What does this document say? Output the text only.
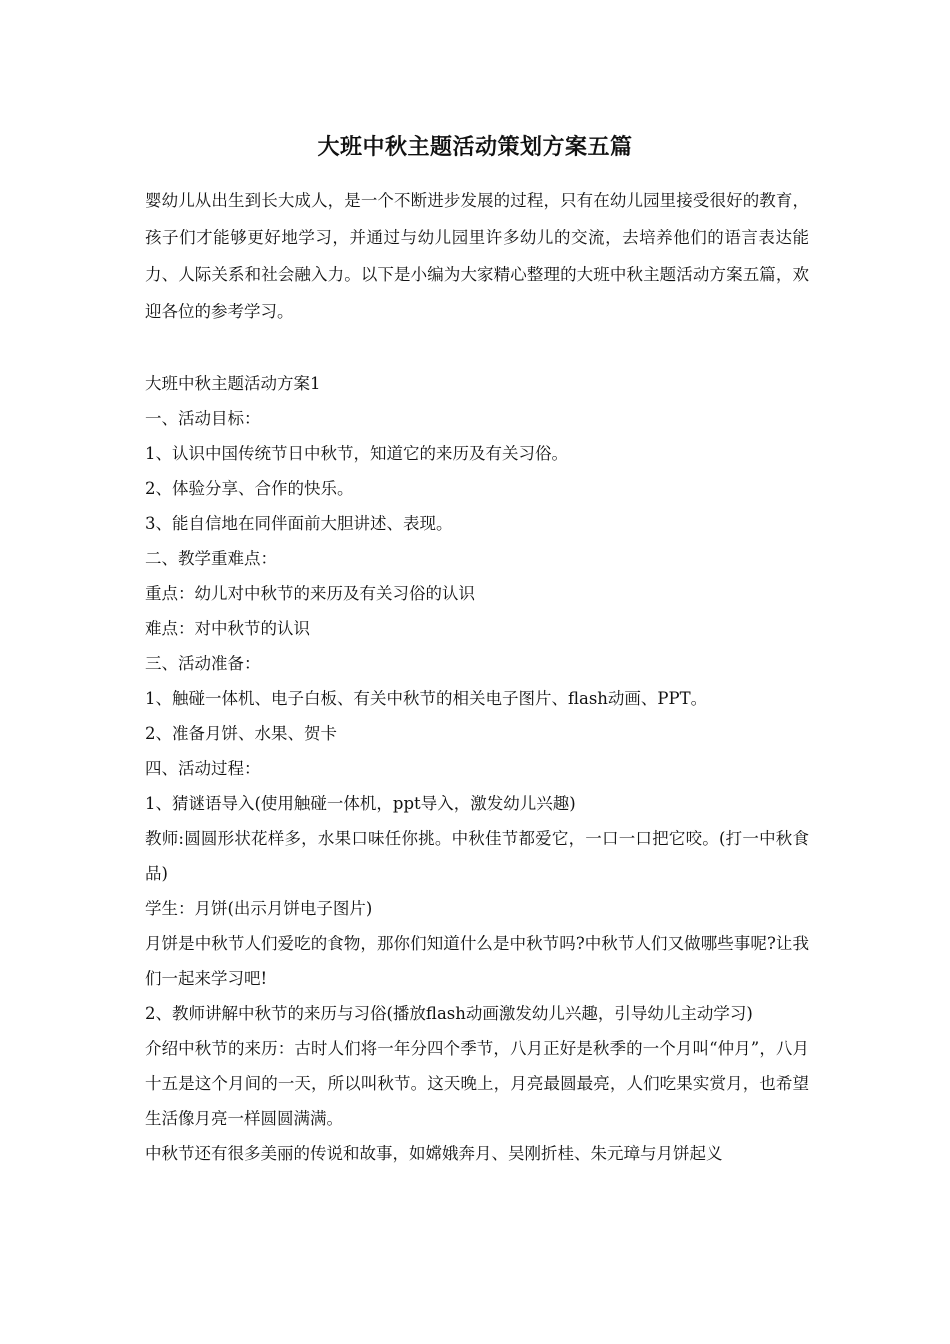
大班中秋主题活动策划方案五篇

婴幼儿从出生到长大成人，是一个不断进步发展的过程，只有在幼儿园里接受很好的教育，孩子们才能够更好地学习，并通过与幼儿园里许多幼儿的交流，去培养他们的语言表达能力、人际关系和社会融入力。以下是小编为大家精心整理的大班中秋主题活动方案五篇，欢迎各位的参考学习。

大班中秋主题活动方案1

一、活动目标：

1、认识中国传统节日中秋节，知道它的来历及有关习俗。

2、体验分享、合作的快乐。

3、能自信地在同伴面前大胆讲述、表现。

二、教学重难点：

重点：幼儿对中秋节的来历及有关习俗的认识

难点：对中秋节的认识

三、活动准备：

1、触碰一体机、电子白板、有关中秋节的相关电子图片、flash动画、PPT。

2、准备月饼、水果、贺卡

四、活动过程：

1、猜谜语导入(使用触碰一体机，ppt导入，激发幼儿兴趣)

教师:圆圆形状花样多，水果口味任你挑。中秋佳节都爱它，一口一口把它咬。(打一中秋食品)

学生：月饼(出示月饼电子图片)

月饼是中秋节人们爱吃的食物，那你们知道什么是中秋节吗?中秋节人们又做哪些事呢?让我们一起来学习吧!

2、教师讲解中秋节的来历与习俗(播放flash动画激发幼儿兴趣，引导幼儿主动学习)

介绍中秋节的来历：古时人们将一年分四个季节，八月正好是秋季的一个月叫“仲月”，八月十五是这个月间的一天，所以叫秋节。这天晚上，月亮最圆最亮，人们吃果实赏月，也希望生活像月亮一样圆圆满满。

中秋节还有很多美丽的传说和故事，如嫦娥奔月、吴刚折桂、朱元璋与月饼起义
